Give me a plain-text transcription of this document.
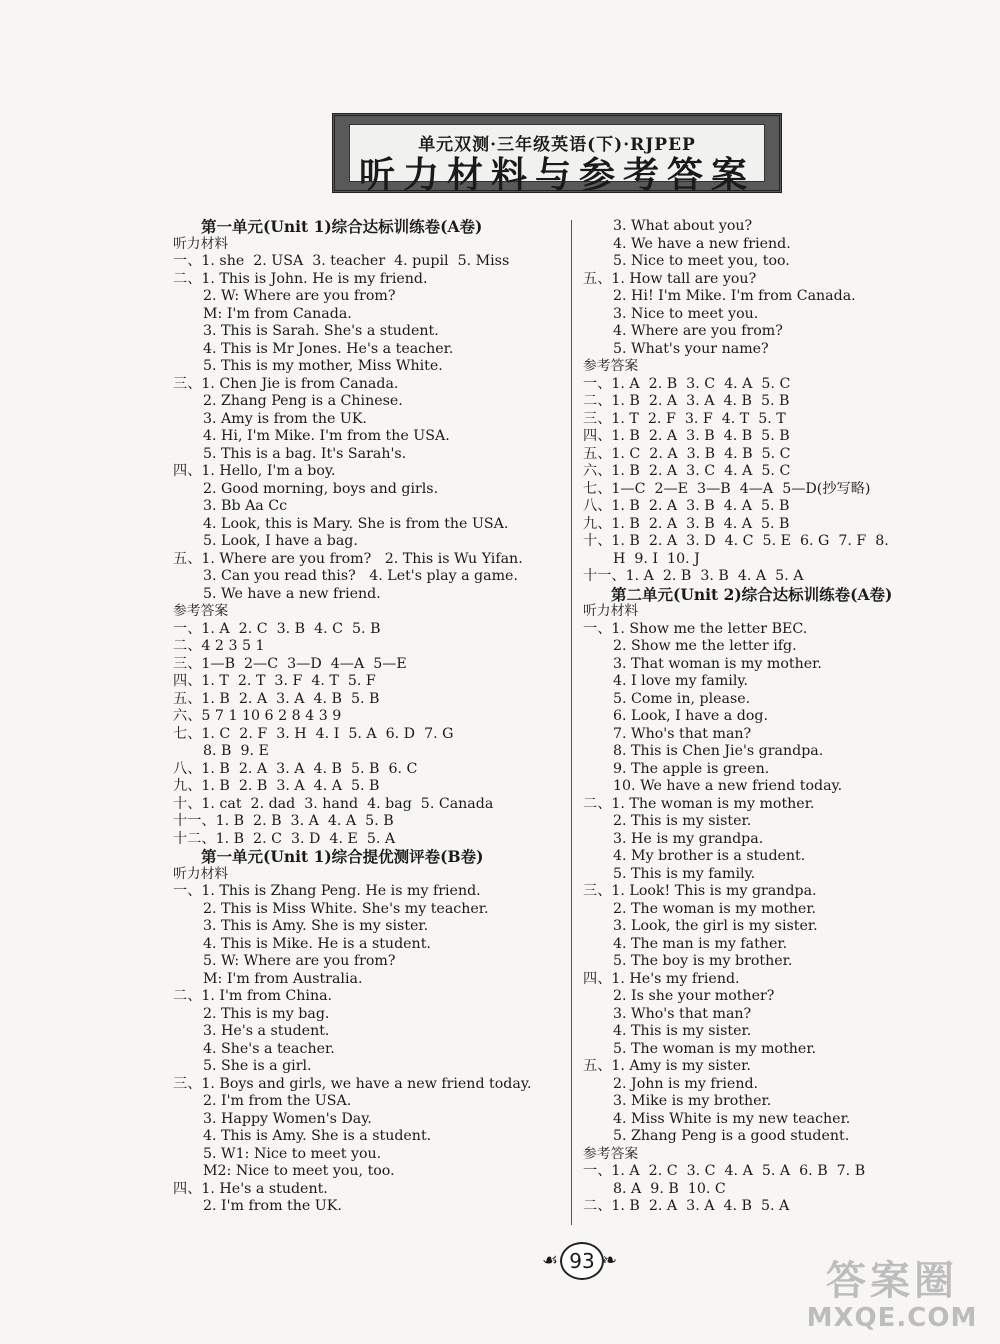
单元双测·三年级英语(下)·RJPEP
听力材料与参考答案
第一单元(Unit 1)综合达标训练卷(A卷)
听力材料
一、1. she  2. USA  3. teacher  4. pupil  5. Miss
二、1. This is John. He is my friend.
2. W: Where are you from?
M: I'm from Canada.
3. This is Sarah. She's a student.
4. This is Mr Jones. He's a teacher.
5. This is my mother, Miss White.
三、1. Chen Jie is from Canada.
2. Zhang Peng is a Chinese.
3. Amy is from the UK.
4. Hi, I'm Mike. I'm from the USA.
5. This is a bag. It's Sarah's.
四、1. Hello, I'm a boy.
2. Good morning, boys and girls.
3. Bb Aa Cc
4. Look, this is Mary. She is from the USA.
5. Look, I have a bag.
五、1. Where are you from?   2. This is Wu Yifan.
3. Can you read this?   4. Let's play a game.
5. We have a new friend.
参考答案
一、1. A  2. C  3. B  4. C  5. B
二、4 2 3 5 1
三、1—B  2—C  3—D  4—A  5—E
四、1. T  2. T  3. F  4. T  5. F
五、1. B  2. A  3. A  4. B  5. B
六、5 7 1 10 6 2 8 4 3 9
七、1. C  2. F  3. H  4. I  5. A  6. D  7. G
8. B  9. E
八、1. B  2. A  3. A  4. B  5. B  6. C
九、1. B  2. B  3. A  4. A  5. B
十、1. cat  2. dad  3. hand  4. bag  5. Canada
十一、1. B  2. B  3. A  4. A  5. B
十二、1. B  2. C  3. D  4. E  5. A
第一单元(Unit 1)综合提优测评卷(B卷)
听力材料
一、1. This is Zhang Peng. He is my friend.
2. This is Miss White. She's my teacher.
3. This is Amy. She is my sister.
4. This is Mike. He is a student.
5. W: Where are you from?
M: I'm from Australia.
二、1. I'm from China.
2. This is my bag.
3. He's a student.
4. She's a teacher.
5. She is a girl.
三、1. Boys and girls, we have a new friend today.
2. I'm from the USA.
3. Happy Women's Day.
4. This is Amy. She is a student.
5. W1: Nice to meet you.
M2: Nice to meet you, too.
四、1. He's a student.
2. I'm from the UK.
3. What about you?
4. We have a new friend.
5. Nice to meet you, too.
五、1. How tall are you?
2. Hi! I'm Mike. I'm from Canada.
3. Nice to meet you.
4. Where are you from?
5. What's your name?
参考答案
一、1. A  2. B  3. C  4. A  5. C
二、1. B  2. A  3. A  4. B  5. B
三、1. T  2. F  3. F  4. T  5. T
四、1. B  2. A  3. B  4. B  5. B
五、1. C  2. A  3. B  4. B  5. C
六、1. B  2. A  3. C  4. A  5. C
七、1—C  2—E  3—B  4—A  5—D(抄写略)
八、1. B  2. A  3. B  4. A  5. B
九、1. B  2. A  3. B  4. A  5. B
十、1. B  2. A  3. D  4. C  5. E  6. G  7. F  8.
H  9. I  10. J
十一、1. A  2. B  3. B  4. A  5. A
第二单元(Unit 2)综合达标训练卷(A卷)
听力材料
一、1. Show me the letter BEC.
2. Show me the letter ifg.
3. That woman is my mother.
4. I love my family.
5. Come in, please.
6. Look, I have a dog.
7. Who's that man?
8. This is Chen Jie's grandpa.
9. The apple is green.
10. We have a new friend today.
二、1. The woman is my mother.
2. This is my sister.
3. He is my grandpa.
4. My brother is a student.
5. This is my family.
三、1. Look! This is my grandpa.
2. The woman is my mother.
3. Look, the girl is my sister.
4. The man is my father.
5. The boy is my brother.
四、1. He's my friend.
2. Is she your mother?
3. Who's that man?
4. This is my sister.
5. The woman is my mother.
五、1. Amy is my sister.
2. John is my friend.
3. Mike is my brother.
4. Miss White is my new teacher.
5. Zhang Peng is a good student.
参考答案
一、1. A  2. C  3. C  4. A  5. A  6. B  7. B
8. A  9. B  10. C
二、1. B  2. A  3. A  4. B  5. A
☙ 93 ❧	答案圈
MXQE.COM
